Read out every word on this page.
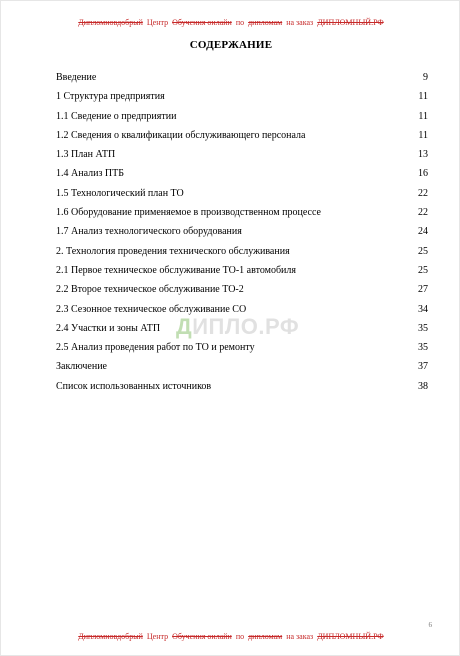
Дипломновдобрый Центр Обучения онлайн по дипломам на заказ ДИПЛОМНЫЙ.РФ
СОДЕРЖАНИЕ
Введение	9
1 Структура предприятия	11
1.1 Сведение о предприятии	11
1.2 Сведения о квалификации обслуживающего персонала	11
1.3 План АТП	13
1.4 Анализ ПТБ	16
1.5 Технологический план ТО	22
1.6 Оборудование применяемое в производственном процессе	22
1.7 Анализ технологического оборудования	24
2. Технология проведения технического обслуживания	25
2.1 Первое техническое обслуживание ТО-1 автомобиля	25
2.2 Второе техническое обслуживание ТО-2	27
2.3 Сезонное техническое обслуживание СО	34
2.4 Участки и зоны АТП	35
2.5 Анализ проведения работ по ТО и ремонту	35
Заключение	37
Список использованных источников	38
ДИПЛО.РФ
6
Дипломновдобрый Центр Обучения онлайн по дипломам на заказ ДИПЛОМНЫЙ.РФ
